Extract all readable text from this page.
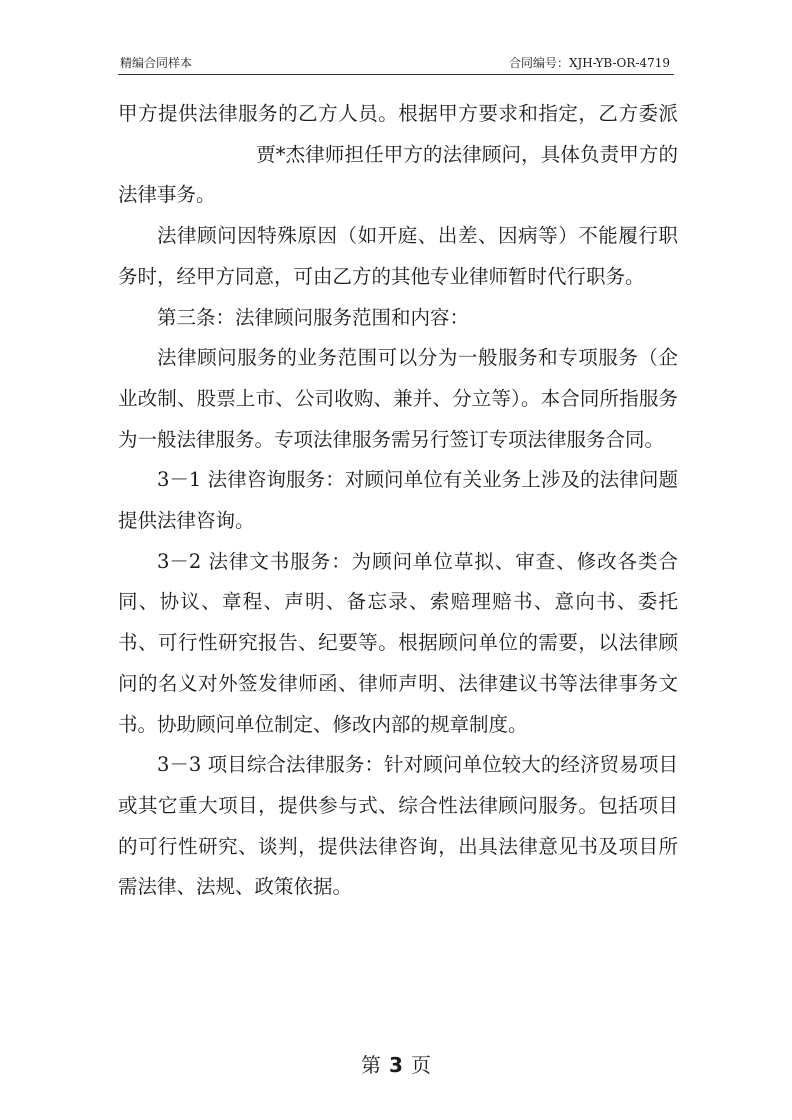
精编合同样本	合同编号：XJH-YB-OR-4719

甲方提供法律服务的乙方人员。根据甲方要求和指定，乙方委派贾*杰律师担任甲方的法律顾问，具体负责甲方的法律事务。

法律顾问因特殊原因（如开庭、出差、因病等）不能履行职务时，经甲方同意，可由乙方的其他专业律师暂时代行职务。

第三条：法律顾问服务范围和内容：

法律顾问服务的业务范围可以分为一般服务和专项服务（企业改制、股票上市、公司收购、兼并、分立等）。本合同所指服务为一般法律服务。专项法律服务需另行签订专项法律服务合同。

3－1 法律咨询服务：对顾问单位有关业务上涉及的法律问题提供法律咨询。

3－2 法律文书服务：为顾问单位草拟、审查、修改各类合同、协议、章程、声明、备忘录、索赔理赔书、意向书、委托书、可行性研究报告、纪要等。根据顾问单位的需要，以法律顾问的名义对外签发律师函、律师声明、法律建议书等法律事务文书。协助顾问单位制定、修改内部的规章制度。

3－3 项目综合法律服务：针对顾问单位较大的经济贸易项目或其它重大项目，提供参与式、综合性法律顾问服务。包括项目的可行性研究、谈判，提供法律咨询，出具法律意见书及项目所需法律、法规、政策依据。

第 3 页
